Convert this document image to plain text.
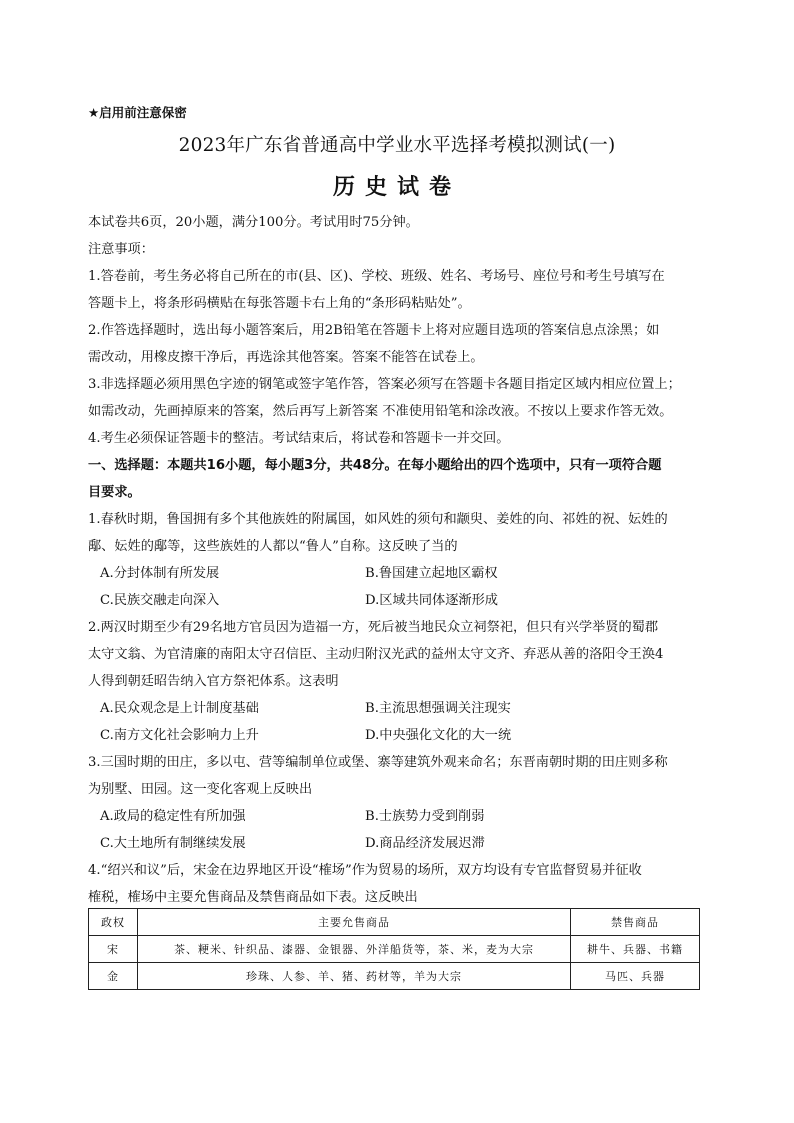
★启用前注意保密
2023年广东省普通高中学业水平选择考模拟测试(一)
历史试卷
本试卷共6页，20小题，满分100分。考试用时75分钟。
注意事项：
1.答卷前，考生务必将自己所在的市(县、区)、学校、班级、姓名、考场号、座位号和考生号填写在
答题卡上，将条形码横贴在每张答题卡右上角的“条形码粘贴处”。
2.作答选择题时，选出每小题答案后，用2B铅笔在答题卡上将对应题目选项的答案信息点涂黑；如
需改动，用橡皮擦干净后，再选涂其他答案。答案不能答在试卷上。
3.非选择题必须用黑色字迹的钢笔或签字笔作答，答案必须写在答题卡各题目指定区域内相应位置上；
如需改动，先画掉原来的答案，然后再写上新答案 不准使用铅笔和涂改液。不按以上要求作答无效。
4.考生必须保证答题卡的整洁。考试结束后，将试卷和答题卡一并交回。
一、选择题：本题共16小题，每小题3分，共48分。在每小题给出的四个选项中，只有一项符合题
目要求。
1.春秋时期，鲁国拥有多个其他族姓的附属国，如风姓的须句和颛臾、姜姓的向、祁姓的祝、妘姓的
鄅、妘姓的鄅等，这些族姓的人都以“鲁人”自称。这反映了当的
A.分封体制有所发展	B.鲁国建立起地区霸权
C.民族交融走向深入	D.区域共同体逐渐形成
2.两汉时期至少有29名地方官员因为造福一方，死后被当地民众立祠祭祀，但只有兴学举贤的蜀郡
太守文翁、为官清廉的南阳太守召信臣、主动归附汉光武的益州太守文齐、弃恶从善的洛阳令王涣4
人得到朝廷昭告纳入官方祭祀体系。这表明
A.民众观念是上计制度基础	B.主流思想强调关注现实
C.南方文化社会影响力上升	D.中央强化文化的大一统
3.三国时期的田庄，多以屯、营等编制单位或堡、寨等建筑外观来命名；东晋南朝时期的田庄则多称
为别墅、田园。这一变化客观上反映出
A.政局的稳定性有所加强	B.士族势力受到削弱
C.大土地所有制继续发展	D.商品经济发展迟滞
4.“绍兴和议”后，宋金在边界地区开设“榷场”作为贸易的场所，双方均设有专官监督贸易并征收
榷税，榷场中主要允售商品及禁售商品如下表。这反映出
政权	主要允售商品	禁售商品
宋	茶、粳米、针织品、漆器、金银器、外洋船货等，茶、米，麦为大宗	耕牛、兵器、书籍
金	珍珠、人参、羊、猪、药材等，羊为大宗	马匹、兵器
